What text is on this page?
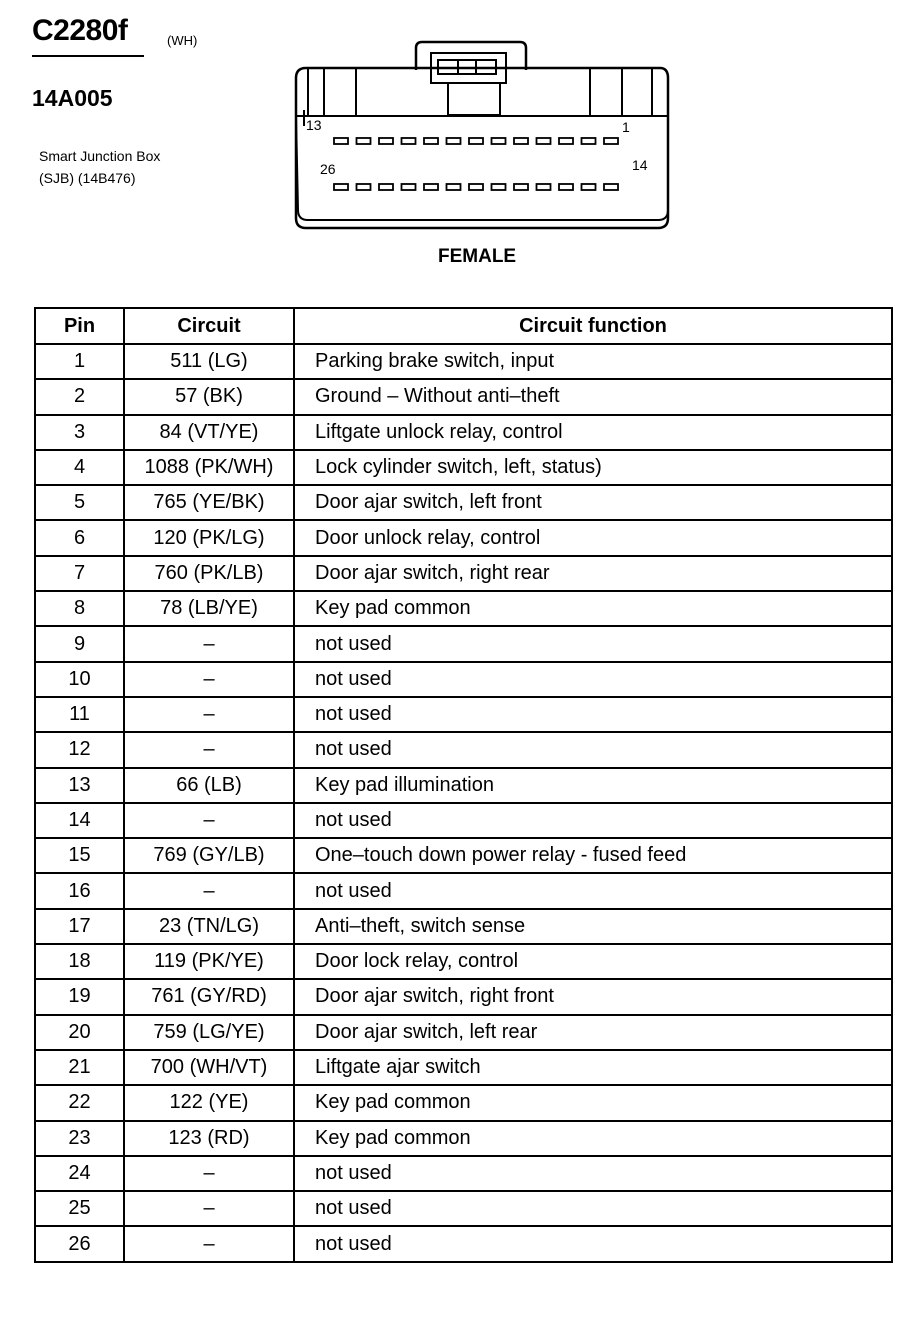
C2280f	(WH)
14A005
Smart Junction Box
(SJB) (14B476)
13	1
26	14
FEMALE
Pin	Circuit	Circuit function
1	511 (LG)	Parking brake switch, input
2	57 (BK)	Ground – Without anti–theft
3	84 (VT/YE)	Liftgate unlock relay, control
4	1088 (PK/WH)	Lock cylinder switch, left, status)
5	765 (YE/BK)	Door ajar switch, left front
6	120 (PK/LG)	Door unlock relay, control
7	760 (PK/LB)	Door ajar switch, right rear
8	78 (LB/YE)	Key pad common
9	–	not used
10	–	not used
11	–	not used
12	–	not used
13	66 (LB)	Key pad illumination
14	–	not used
15	769 (GY/LB)	One–touch down power relay - fused feed
16	–	not used
17	23 (TN/LG)	Anti–theft, switch sense
18	119 (PK/YE)	Door lock relay, control
19	761 (GY/RD)	Door ajar switch, right front
20	759 (LG/YE)	Door ajar switch, left rear
21	700 (WH/VT)	Liftgate ajar switch
22	122 (YE)	Key pad common
23	123 (RD)	Key pad common
24	–	not used
25	–	not used
26	–	not used
